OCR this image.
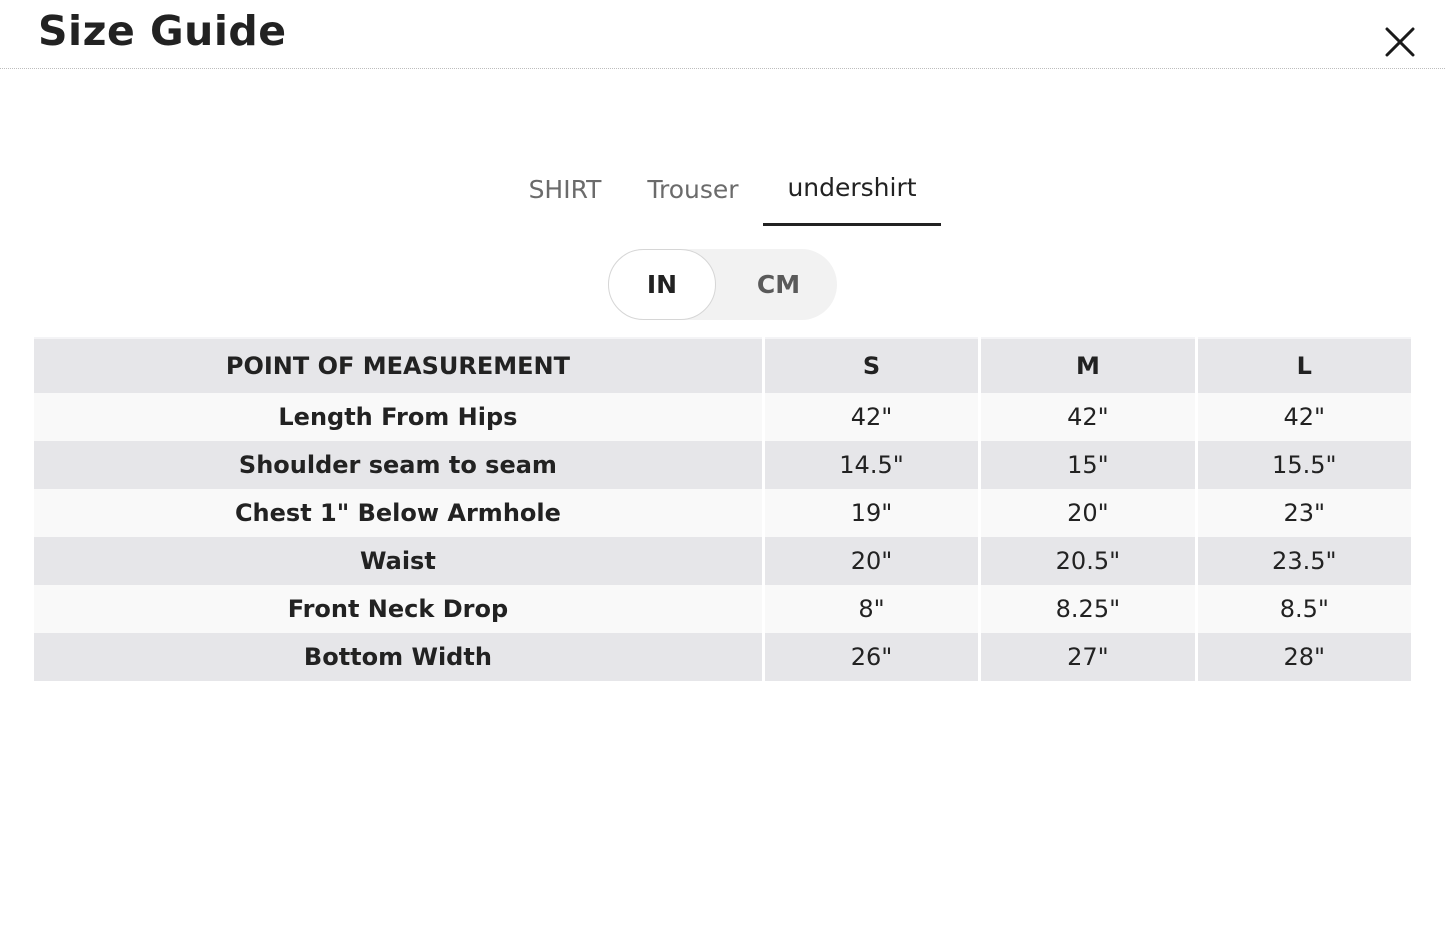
Size Guide
SHIRT	Trouser	undershirt
IN	CM
POINT OF MEASUREMENT	S	M	L
Length From Hips	42"	42"	42"
Shoulder seam to seam	14.5"	15"	15.5"
Chest 1" Below Armhole	19"	20"	23"
Waist	20"	20.5"	23.5"
Front Neck Drop	8"	8.25"	8.5"
Bottom Width	26"	27"	28"
